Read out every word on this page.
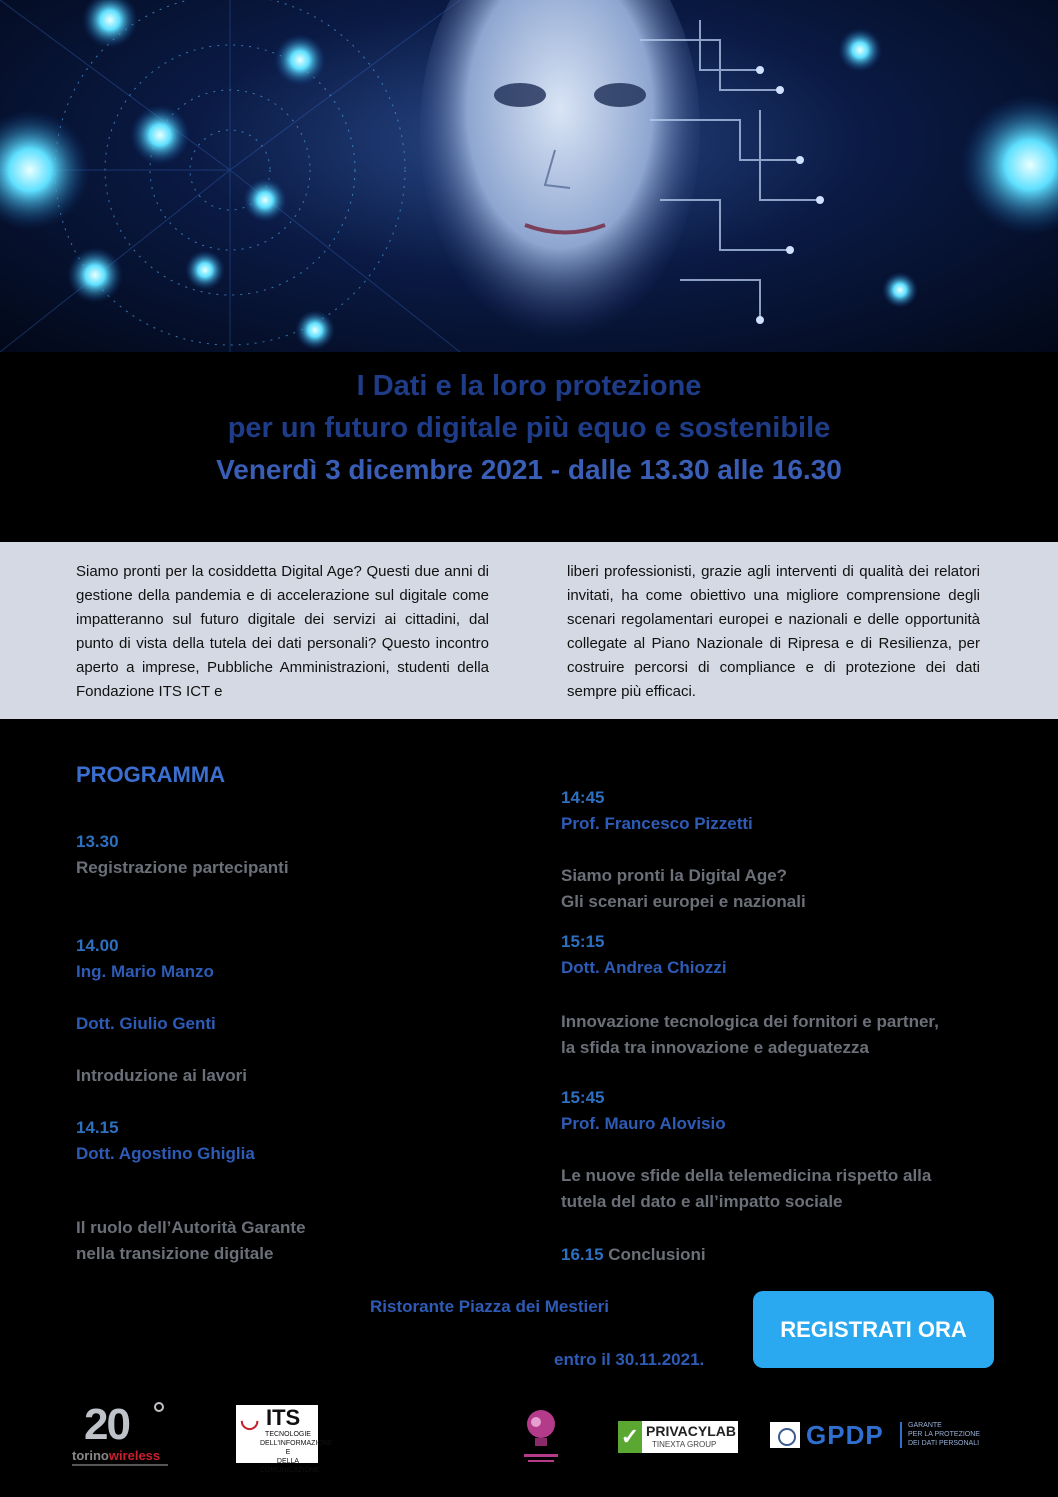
I Dati e la loro protezione
per un futuro digitale più equo e sostenibile
Venerdì 3 dicembre 2021 - dalle 13.30 alle 16.30

Siamo pronti per la cosiddetta Digital Age? Questi due anni di gestione della pandemia e di accelerazione sul digitale come impatteranno sul futuro digitale dei servizi ai cittadini, dal punto di vista della tutela dei dati personali? Questo incontro aperto a imprese, Pubbliche Amministrazioni, studenti della Fondazione ITS ICT e

liberi professionisti, grazie agli interventi di qualità dei relatori invitati, ha come obiettivo una migliore comprensione degli scenari regolamentari europei e nazionali e delle opportunità collegate al Piano Nazionale di Ripresa e di Resilienza, per costruire percorsi di compliance e di protezione dei dati sempre più efficaci.

PROGRAMMA
13.30
Registrazione partecipanti
14.00
Ing. Mario Manzo
Dott. Giulio Genti
Introduzione ai lavori
14.15
Dott. Agostino Ghiglia
Il ruolo dell’Autorità Garante
nella transizione digitale
14:45
Prof. Francesco Pizzetti
Siamo pronti la Digital Age?
Gli scenari europei e nazionali
15:15
Dott. Andrea Chiozzi
Innovazione tecnologica dei fornitori e partner,
la sfida tra innovazione e adeguatezza
15:45
Prof. Mauro Alovisio
Le nuove sfide della telemedicina rispetto alla
tutela del dato e all’impatto sociale
16.15 Conclusioni
Ristorante Piazza dei Mestieri
entro il 30.11.2021.
REGISTRATI ORA
20
torinowireless
◡ ITS
TECNOLOGIE
DELL'INFORMAZIONE E
DELLA COMUNICAZIONE
✓ PRIVACYLAB
TINEXTA GROUP	GPDP	GARANTE
PER LA PROTEZIONE
DEI DATI PERSONALI
